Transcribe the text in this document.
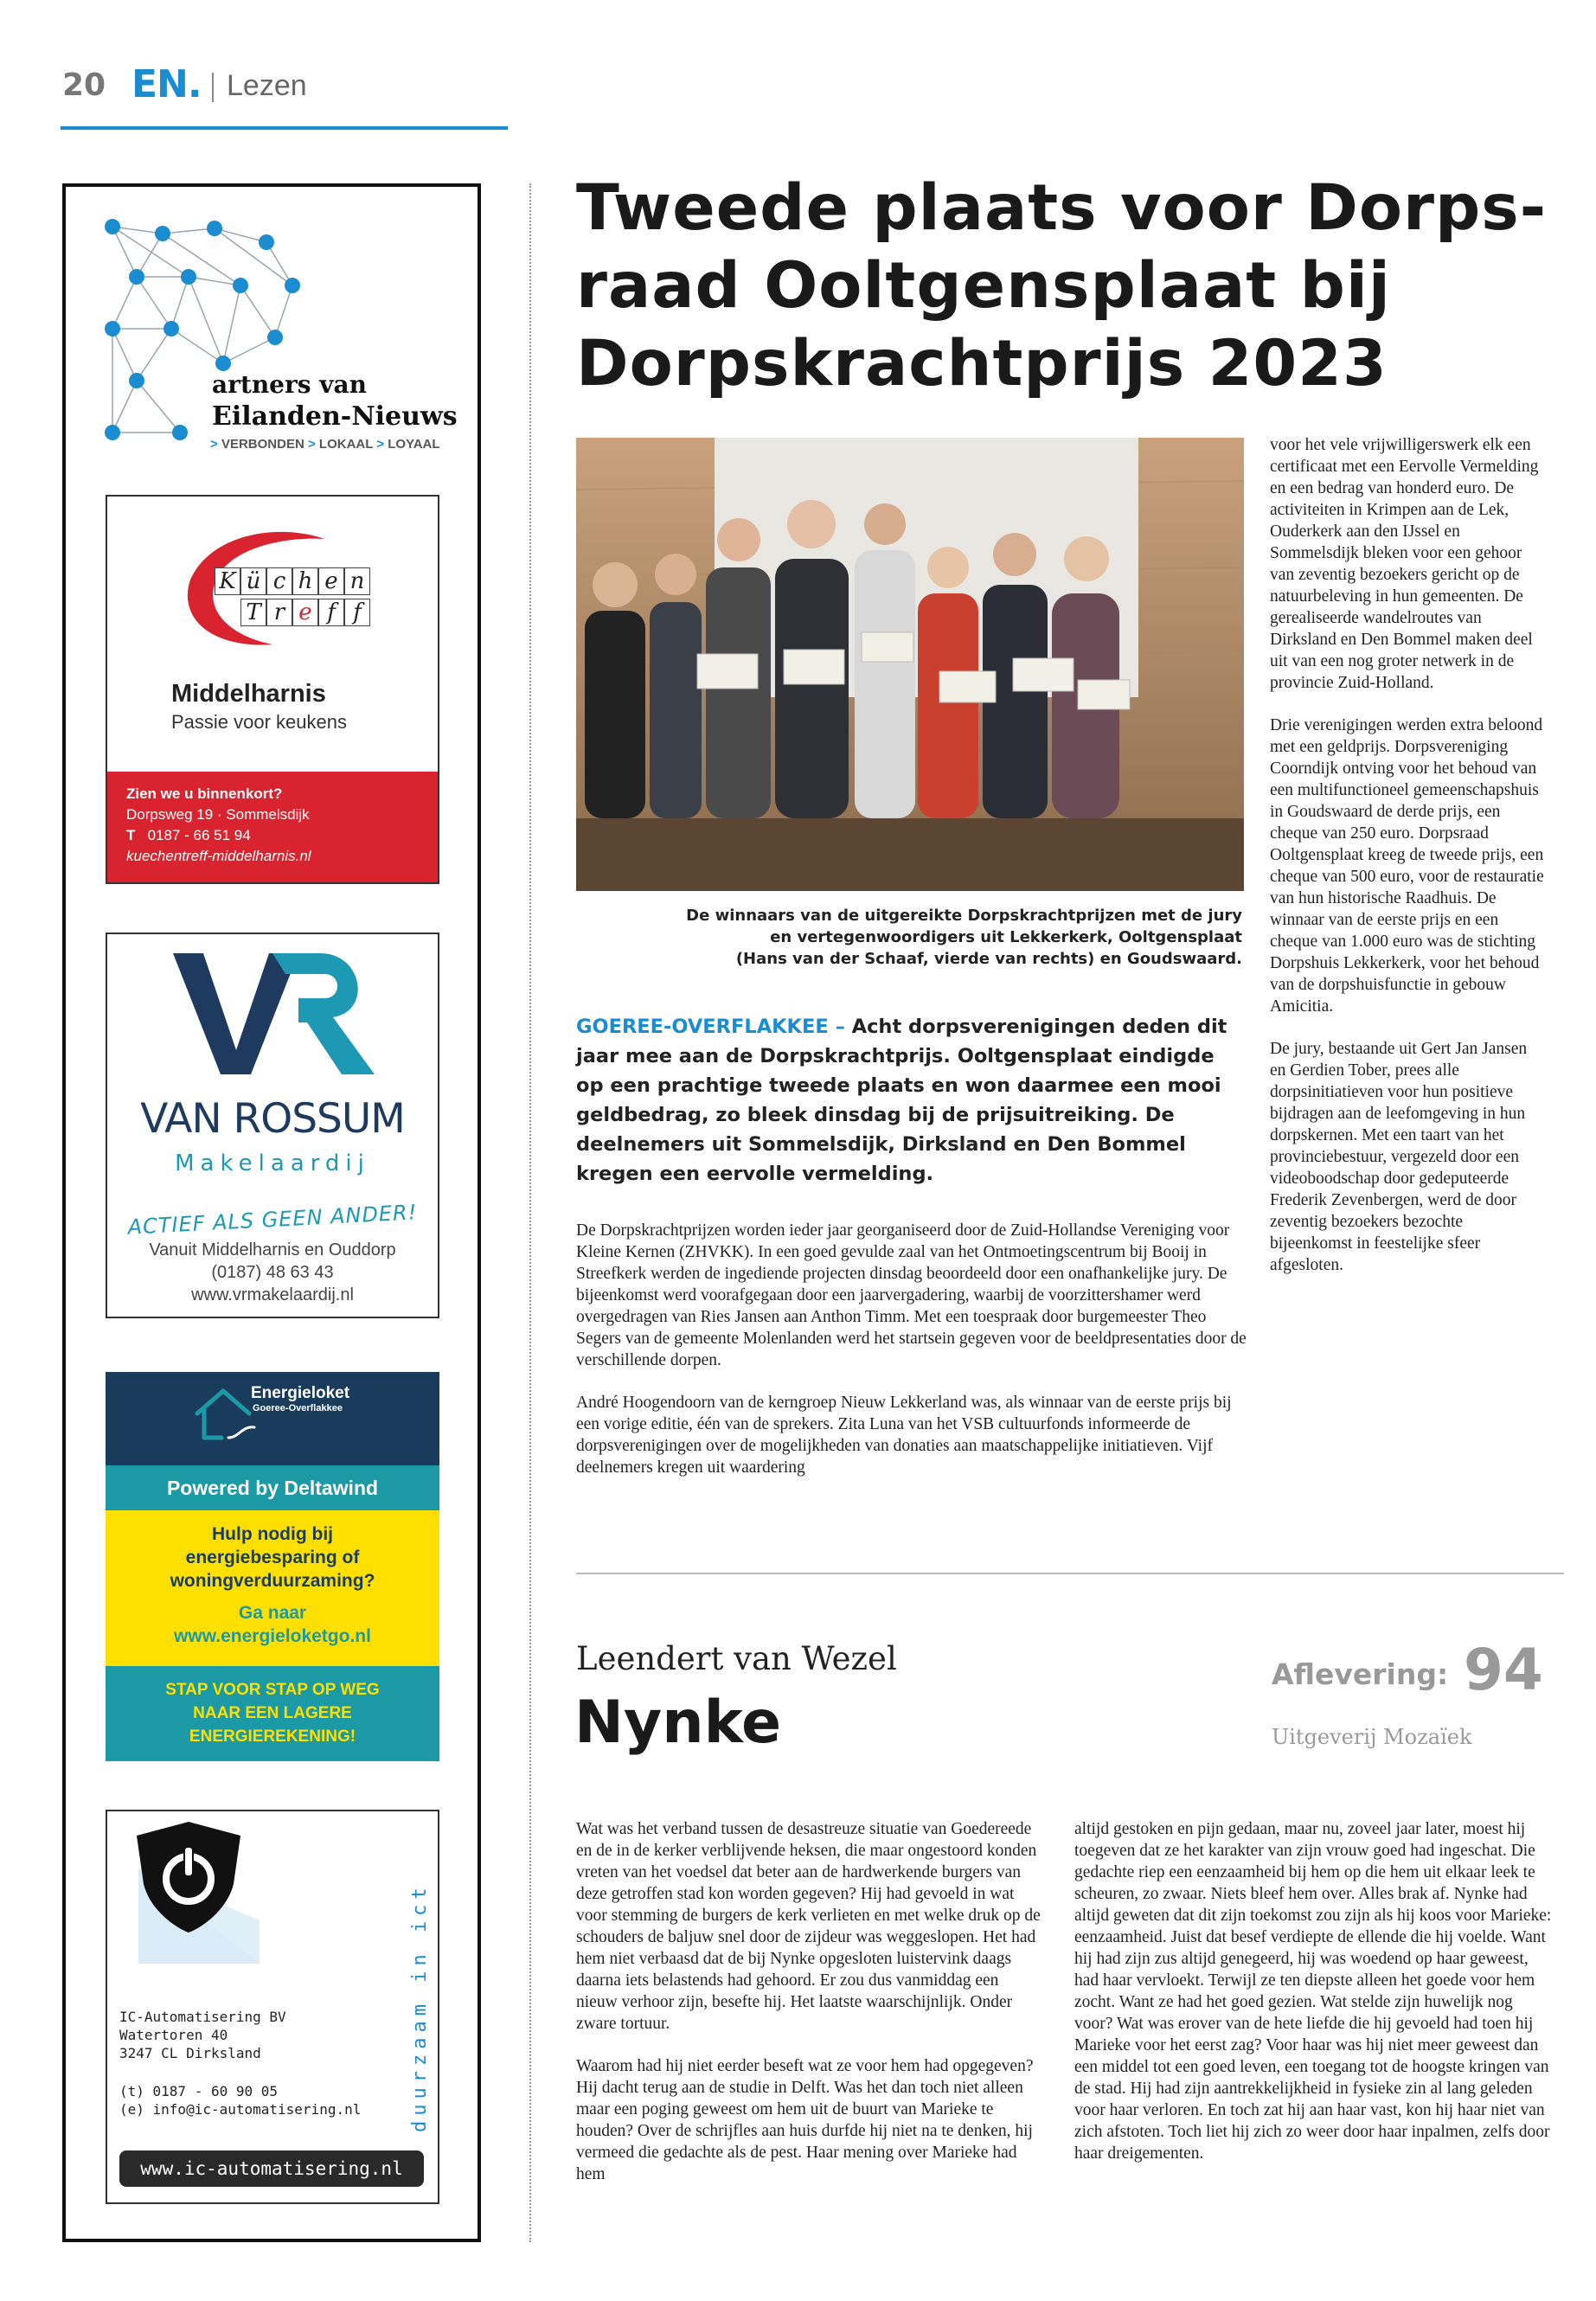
20 EN. Lezen
artners van
Eilanden-Nieuws
> VERBONDEN > LOKAAL > LOYAAL
K ü c h e n
T r e f f
Middelharnis
Passie voor keukens
Zien we u binnenkort?
Dorpsweg 19 · Sommelsdijk
T 0187 - 66 51 94
kuechentreff-middelharnis.nl
VAN ROSSUM
Makelaardij
ACTIEF ALS GEEN ANDER!
Vanuit Middelharnis en Ouddorp
(0187) 48 63 43
www.vrmakelaardij.nl
Energieloket
Goeree-Overflakkee
Powered by Deltawind
Hulp nodig bij
energiebesparing of
woningverduurzaming?
Ga naar
www.energieloketgo.nl
STAP VOOR STAP OP WEG
NAAR EEN LAGERE
ENERGIEREKENING!
duurzaam in ict
IC-Automatisering BV
Watertoren 40
3247 CL Dirksland
(t) 0187 - 60 90 05
(e) info@ic-automatisering.nl
www.ic-automatisering.nl
Tweede plaats voor Dorps-
raad Ooltgensplaat bij
Dorpskrachtprijs 2023
De winnaars van de uitgereikte Dorpskrachtprijzen met de jury
en vertegenwoordigers uit Lekkerkerk, Ooltgensplaat
(Hans van der Schaaf, vierde van rechts) en Goudswaard.

GOEREE-OVERFLAKKEE – Acht dorpsverenigingen deden dit jaar mee aan de Dorpskrachtprijs. Ooltgensplaat eindigde op een prachtige tweede plaats en won daarmee een mooi geldbedrag, zo bleek dinsdag bij de prijsuitreiking. De deelnemers uit Sommelsdijk, Dirksland en Den Bommel kregen een eervolle vermelding.

De Dorpskrachtprijzen worden ieder jaar georganiseerd door de Zuid-Hollandse Vereniging voor Kleine Kernen (ZHVKK). In een goed gevulde zaal van het Ontmoetingscentrum bij Booij in Streefkerk werden de ingediende projecten dinsdag beoordeeld door een onafhankelijke jury. De bijeenkomst werd voorafgegaan door een jaarvergadering, waarbij de voorzittershamer werd overgedragen van Ries Jansen aan Anthon Timm. Met een toespraak door burgemeester Theo Segers van de gemeente Molenlanden werd het startsein gegeven voor de beeldpresentaties door de verschillende dorpen.

André Hoogendoorn van de kerngroep Nieuw Lekkerland was, als winnaar van de eerste prijs bij een vorige editie, één van de sprekers. Zita Luna van het VSB cultuurfonds informeerde de dorpsverenigingen over de mogelijkheden van donaties aan maatschappelijke initiatieven. Vijf deelnemers kregen uit waardering

voor het vele vrijwilligerswerk elk een certificaat met een Eervolle Vermelding en een bedrag van honderd euro. De activiteiten in Krimpen aan de Lek, Ouderkerk aan den IJssel en Sommelsdijk bleken voor een gehoor van zeventig bezoekers gericht op de natuurbeleving in hun gemeenten. De gerealiseerde wandelroutes van Dirksland en Den Bommel maken deel uit van een nog groter netwerk in de provincie Zuid-Holland.

Drie verenigingen werden extra beloond met een geldprijs. Dorpsvereniging Coorndijk ontving voor het behoud van een multifunctioneel gemeenschapshuis in Goudswaard de derde prijs, een cheque van 250 euro. Dorpsraad Ooltgensplaat kreeg de tweede prijs, een cheque van 500 euro, voor de restauratie van hun historische Raadhuis. De winnaar van de eerste prijs en een cheque van 1.000 euro was de stichting Dorpshuis Lekkerkerk, voor het behoud van de dorpshuisfunctie in gebouw Amicitia.

De jury, bestaande uit Gert Jan Jansen en Gerdien Tober, prees alle dorpsinitiatieven voor hun positieve bijdragen aan de leefomgeving in hun dorpskernen. Met een taart van het provinciebestuur, vergezeld door een videoboodschap door gedeputeerde Frederik Zevenbergen, werd de door zeventig bezoekers bezochte bijeenkomst in feestelijke sfeer afgesloten.

Leendert van Wezel
Nynke
Aflevering: 94
Uitgeverij Mozaïek

Wat was het verband tussen de desastreuze situatie van Goedereede en de in de kerker verblijvende heksen, die maar ongestoord konden vreten van het voedsel dat beter aan de hardwerkende burgers van deze getroffen stad kon worden gegeven? Hij had gevoeld in wat voor stemming de burgers de kerk verlieten en met welke druk op de schouders de baljuw snel door de zijdeur was weggeslopen. Het had hem niet verbaasd dat de bij Nynke opgesloten luistervink daags daarna iets belastends had gehoord. Er zou dus vanmiddag een nieuw verhoor zijn, besefte hij. Het laatste waarschijnlijk. Onder zware tortuur.

Waarom had hij niet eerder beseft wat ze voor hem had opgegeven? Hij dacht terug aan de studie in Delft. Was het dan toch niet alleen maar een poging geweest om hem uit de buurt van Marieke te houden? Over de schrijfles aan huis durfde hij niet na te denken, hij vermeed die gedachte als de pest. Haar mening over Marieke had hem

altijd gestoken en pijn gedaan, maar nu, zoveel jaar later, moest hij toegeven dat ze het karakter van zijn vrouw goed had ingeschat. Die gedachte riep een eenzaamheid bij hem op die hem uit elkaar leek te scheuren, zo zwaar. Niets bleef hem over. Alles brak af. Nynke had altijd geweten dat dit zijn toekomst zou zijn als hij koos voor Marieke: eenzaamheid. Juist dat besef verdiepte de ellende die hij voelde. Want hij had zijn zus altijd genegeerd, hij was woedend op haar geweest, had haar vervloekt. Terwijl ze ten diepste alleen het goede voor hem zocht. Want ze had het goed gezien. Wat stelde zijn huwelijk nog voor? Wat was erover van de hete liefde die hij gevoeld had toen hij Marieke voor het eerst zag? Voor haar was hij niet meer geweest dan een middel tot een goed leven, een toegang tot de hoogste kringen van de stad. Hij had zijn aantrekkelijkheid in fysieke zin al lang geleden voor haar verloren. En toch zat hij aan haar vast, kon hij haar niet van zich afstoten. Toch liet hij zich zo weer door haar inpalmen, zelfs door haar dreigementen.
